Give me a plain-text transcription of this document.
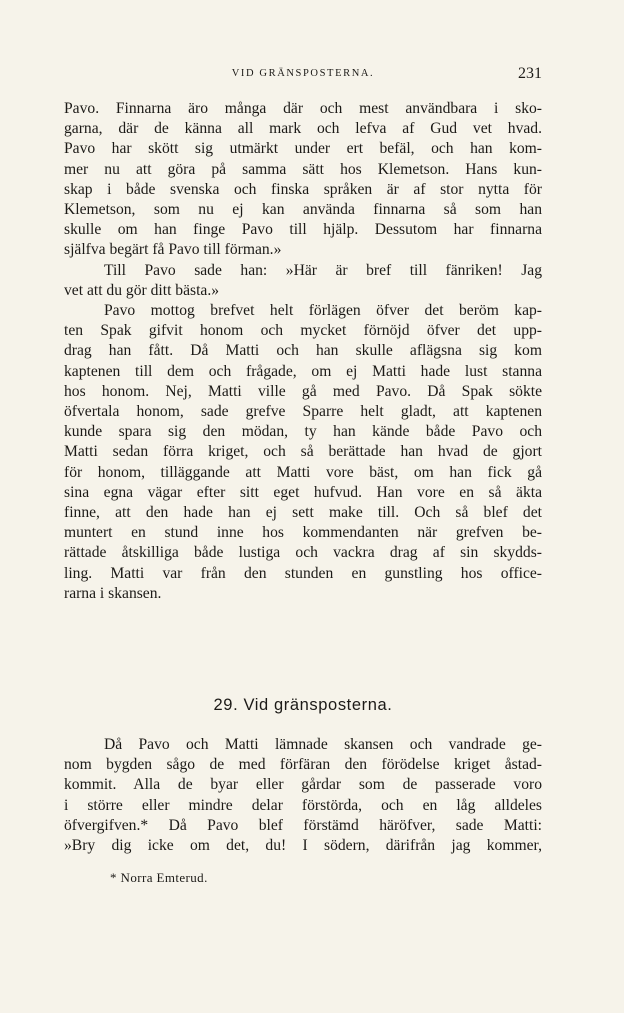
VID GRÄNSPOSTERNA.	231

Pavo. Finnarna äro många där och mest användbara i sko-
garna, där de känna all mark och lefva af Gud vet hvad.
Pavo har skött sig utmärkt under ert befäl, och han kom-
mer nu att göra på samma sätt hos Klemetson. Hans kun-
skap i både svenska och finska språken är af stor nytta för
Klemetson, som nu ej kan använda finnarna så som han
skulle om han finge Pavo till hjälp. Dessutom har finnarna
själfva begärt få Pavo till förman.»
Till Pavo sade han: »Här är bref till fänriken! Jag
vet att du gör ditt bästa.»
Pavo mottog brefvet helt förlägen öfver det beröm kap-
ten Spak gifvit honom och mycket förnöjd öfver det upp-
drag han fått. Då Matti och han skulle aflägsna sig kom
kaptenen till dem och frågade, om ej Matti hade lust stanna
hos honom. Nej, Matti ville gå med Pavo. Då Spak sökte
öfvertala honom, sade grefve Sparre helt gladt, att kaptenen
kunde spara sig den mödan, ty han kände både Pavo och
Matti sedan förra kriget, och så berättade han hvad de gjort
för honom, tilläggande att Matti vore bäst, om han fick gå
sina egna vägar efter sitt eget hufvud. Han vore en så äkta
finne, att den hade han ej sett make till. Och så blef det
muntert en stund inne hos kommendanten när grefven be-
rättade åtskilliga både lustiga och vackra drag af sin skydds-
ling. Matti var från den stunden en gunstling hos office-
rarna i skansen.

29. Vid gränsposterna.

Då Pavo och Matti lämnade skansen och vandrade ge-
nom bygden sågo de med förfäran den förödelse kriget åstad-
kommit. Alla de byar eller gårdar som de passerade voro
i större eller mindre delar förstörda, och en låg alldeles
öfvergifven.* Då Pavo blef förstämd häröfver, sade Matti:
»Bry dig icke om det, du! I södern, därifrån jag kommer,

* Norra Emterud.
